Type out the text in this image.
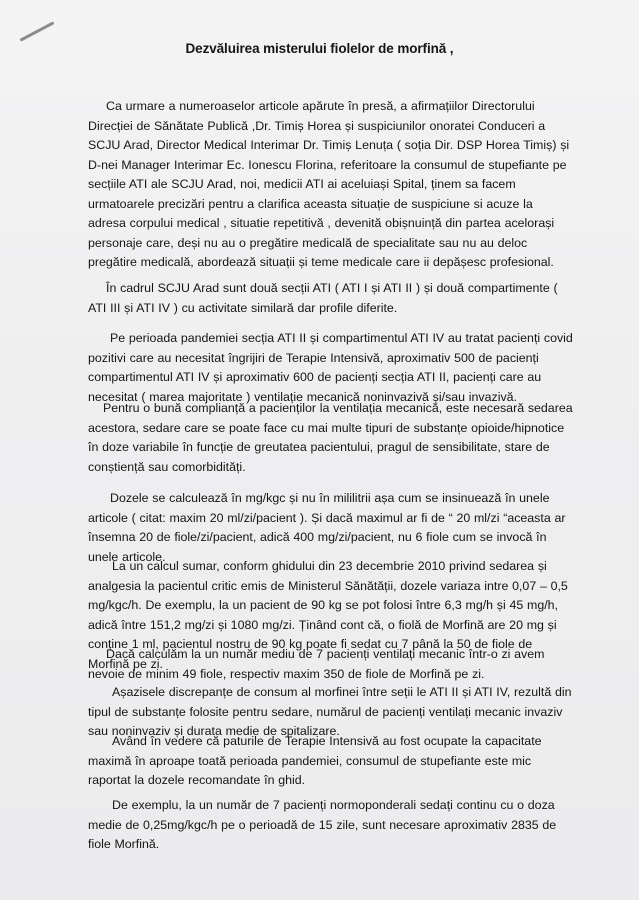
Dezvăluirea misterului fiolelor de morfină ,

Ca urmare a numeroaselor articole apărute în presă, a afirmațiilor Directorului Direcției de Sănătate Publică ,Dr. Timiș Horea și suspiciunilor onoratei Conduceri a SCJU Arad, Director Medical Interimar Dr. Timiș Lenuța ( soția Dir. DSP Horea Timiș) și D-nei Manager Interimar Ec. Ionescu Florina, referitoare la consumul de stupefiante pe secțiile ATI ale SCJU Arad, noi, medicii ATI ai aceluiași Spital, ținem sa facem urmatoarele precizări pentru a clarifica aceasta situație de suspiciune si acuze la adresa corpului medical , situatie repetitivă , devenită obișnuință din partea acelorași personaje care, deși nu au o pregătire medicală de specialitate sau nu au deloc pregătire medicală, abordează situații și teme medicale care ii depășesc profesional.

În cadrul SCJU Arad sunt două secții ATI ( ATI I și ATI II ) și două compartimente ( ATI III și ATI IV ) cu activitate similară dar profile diferite.

Pe perioada pandemiei secția ATI II și compartimentul ATI IV au tratat pacienți covid pozitivi care au necesitat îngrijiri de Terapie Intensivă, aproximativ 500 de pacienți compartimentul ATI IV și aproximativ 600 de pacienți secția ATI II, pacienți care au necesitat ( marea majoritate ) ventilație mecanică noninvazivă și/sau invazivă.

Pentru o bună complianță a pacienților la ventilația mecanică, este necesară sedarea acestora, sedare care se poate face cu mai multe tipuri de substanțe opioide/hipnotice în doze variabile în funcție de greutatea pacientului, pragul de sensibilitate, stare de conștiență sau comorbidități.

Dozele se calculează în mg/kgc și nu în mililitrii așa cum se insinuează în unele articole ( citat: maxim 20 ml/zi/pacient ). Și dacă maximul ar fi de “ 20 ml/zi “aceasta ar însemna 20 de fiole/zi/pacient, adică 400 mg/zi/pacient, nu 6 fiole cum se invocă în unele articole.

La un calcul sumar, conform ghidului din 23 decembrie 2010 privind sedarea și analgesia la pacientul critic emis de Ministerul Sănătății, dozele variaza intre 0,07 – 0,5 mg/kgc/h. De exemplu, la un pacient de 90 kg se pot folosi între 6,3 mg/h și 45 mg/h, adică între 151,2 mg/zi și 1080 mg/zi. Ținând cont că, o fiolă de Morfină are 20 mg și conține 1 ml, pacientul nostru de 90 kg poate fi sedat cu 7 până la 50 de fiole de Morfină pe zi.

Dacă calculăm la un număr mediu de 7 pacienți ventilați mecanic într-o zi avem nevoie de minim 49 fiole, respectiv maxim 350 de fiole de Morfină pe zi.

Așazisele discrepanțe de consum al morfinei între seții le ATI II și ATI IV, rezultă din tipul de substanțe folosite pentru sedare, numărul de pacienți ventilați mecanic invaziv sau noninvaziv și durata medie de spitalizare.

Având în vedere că paturile de Terapie Intensivă au fost ocupate la capacitate maximă în aproape toată perioada pandemiei, consumul de stupefiante este mic raportat la dozele recomandate în ghid.

De exemplu, la un număr de 7 pacienți normoponderali sedați continu cu o doza medie de 0,25mg/kgc/h pe o perioadă de 15 zile, sunt necesare aproximativ 2835 de fiole Morfină.
